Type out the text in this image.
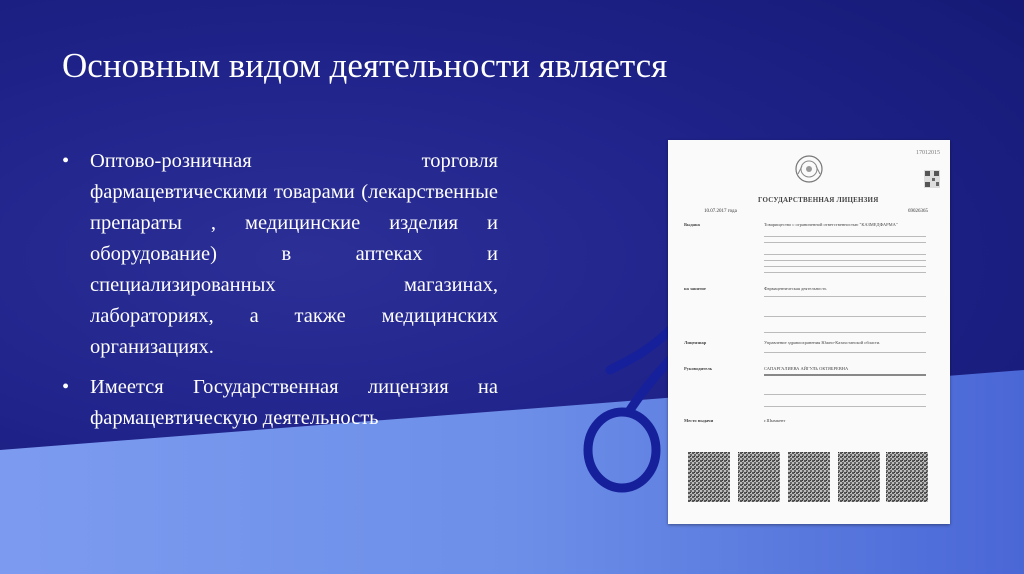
Основным видом деятельности является
• Оптово-розничная торговля фармацевтическими товарами (лекарственные препараты , медицинские изделия и оборудование) в аптеках и специализированных магазинах, лабораториях, а также медицинских организациях.
• Имеется Государственная лицензия на фармацевтическую деятельность
17012015
ГОСУДАРСТВЕННАЯ ЛИЦЕНЗИЯ
10.07.2017 года	69026365
Выдана	Товарищество с ограниченной ответственностью "КАЗМЕДФАРМА"
на занятие	Фармацевтическая деятельность
Лицензиар	Управление здравоохранения Южно-Казахстанской области.
Руководитель	САПАРГАЛИЕВА АЙГУЛЬ ОКТЯБРЕВНА
Место выдачи	г.Шымкент
